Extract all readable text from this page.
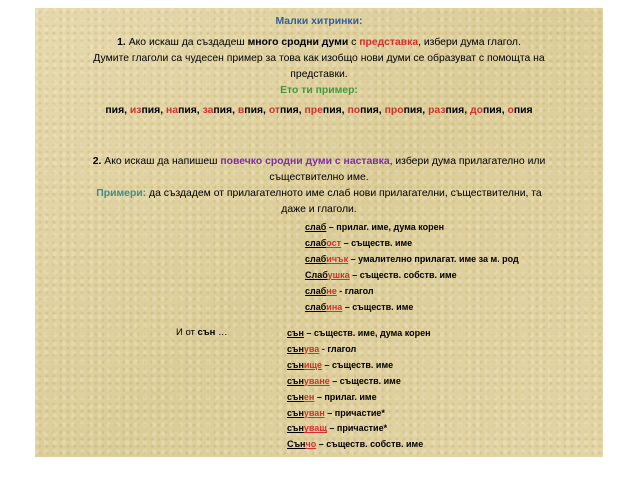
Малки хитринки:
1. Ако искаш да създадеш много сродни думи с представка, избери дума глагол.
Думите глаголи са чудесен пример за това как изобщо нови думи се образуват с помощта на
представки.
Ето ти пример:
пия, изпия, напия, запия, впия, отпия, препия, попия, пропия, разпия, допия, опия
2. Ако искаш да напишеш повечко сродни думи с наставка, избери дума прилагателно или
съществително име.
Примери: да създадем от прилагателното име слаб нови прилагателни, съществителни, та
даже и глаголи.
слаб – прилаг. име, дума корен
слабост – съществ. име
слабичък – умалително прилагат. име за м. род
Слабушка – съществ. собств. име
слабне - глагол
слабина – съществ. име
И от сън …	сън – съществ. име, дума корен
сънува - глагол
сънище – съществ. име
сънуване – съществ. име
сънен – прилаг. име
сънуван – причастие*
сънуващ – причастие*
Сънчо – съществ. собств. име
